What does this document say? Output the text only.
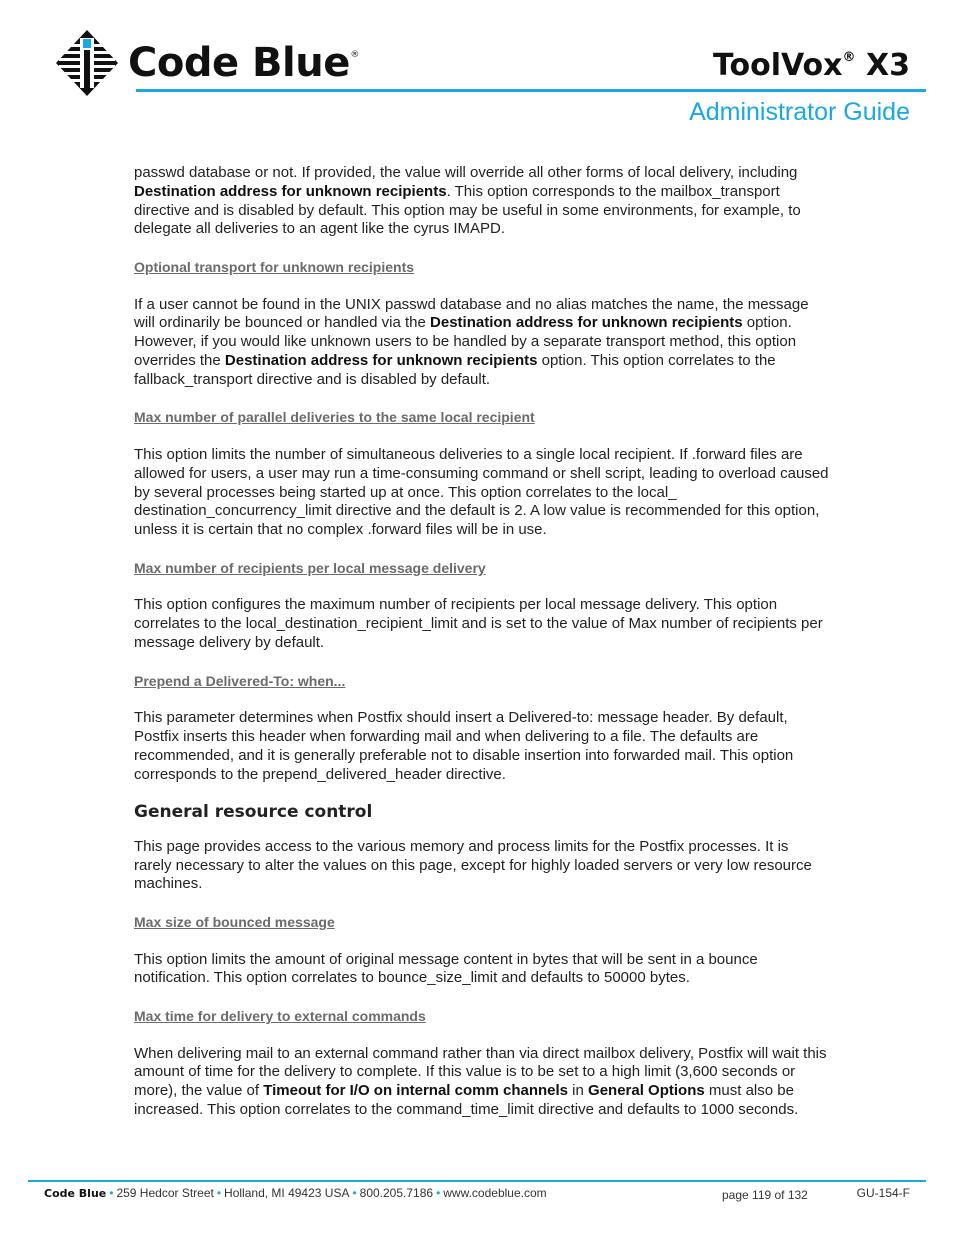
Code Blue ®	ToolVox® X3
Administrator Guide

passwd database or not. If provided, the value will override all other forms of local delivery, including Destination address for unknown recipients. This option corresponds to the mailbox_transport directive and is disabled by default. This option may be useful in some environments, for example, to delegate all deliveries to an agent like the cyrus IMAPD.

Optional transport for unknown recipients

If a user cannot be found in the UNIX passwd database and no alias matches the name, the message will ordinarily be bounced or handled via the Destination address for unknown recipients option. However, if you would like unknown users to be handled by a separate transport method, this option overrides the Destination address for unknown recipients option. This option correlates to the fallback_transport directive and is disabled by default.

Max number of parallel deliveries to the same local recipient

This option limits the number of simultaneous deliveries to a single local recipient. If .forward files are allowed for users, a user may run a time-consuming command or shell script, leading to overload caused by several processes being started up at once. This option correlates to the local_ destination_concurrency_limit directive and the default is 2. A low value is recommended for this option, unless it is certain that no complex .forward files will be in use.

Max number of recipients per local message delivery

This option configures the maximum number of recipients per local message delivery. This option correlates to the local_destination_recipient_limit and is set to the value of Max number of recipients per message delivery by default.

Prepend a Delivered-To: when...

This parameter determines when Postfix should insert a Delivered-to: message header. By default, Postfix inserts this header when forwarding mail and when delivering to a file. The defaults are recommended, and it is generally preferable not to disable insertion into forwarded mail. This option corresponds to the prepend_delivered_header directive.

General resource control

This page provides access to the various memory and process limits for the Postfix processes. It is rarely necessary to alter the values on this page, except for highly loaded servers or very low resource machines.

Max size of bounced message

This option limits the amount of original message content in bytes that will be sent in a bounce notification. This option correlates to bounce_size_limit and defaults to 50000 bytes.

Max time for delivery to external commands

When delivering mail to an external command rather than via direct mailbox delivery, Postfix will wait this amount of time for the delivery to complete. If this value is to be set to a high limit (3,600 seconds or more), the value of Timeout for I/O on internal comm channels in General Options must also be increased. This option correlates to the command_time_limit directive and defaults to 1000 seconds.

Code Blue • 259 Hedcor Street • Holland, MI 49423 USA • 800.205.7186 • www.codeblue.com	page 119 of 132	GU-154-F
